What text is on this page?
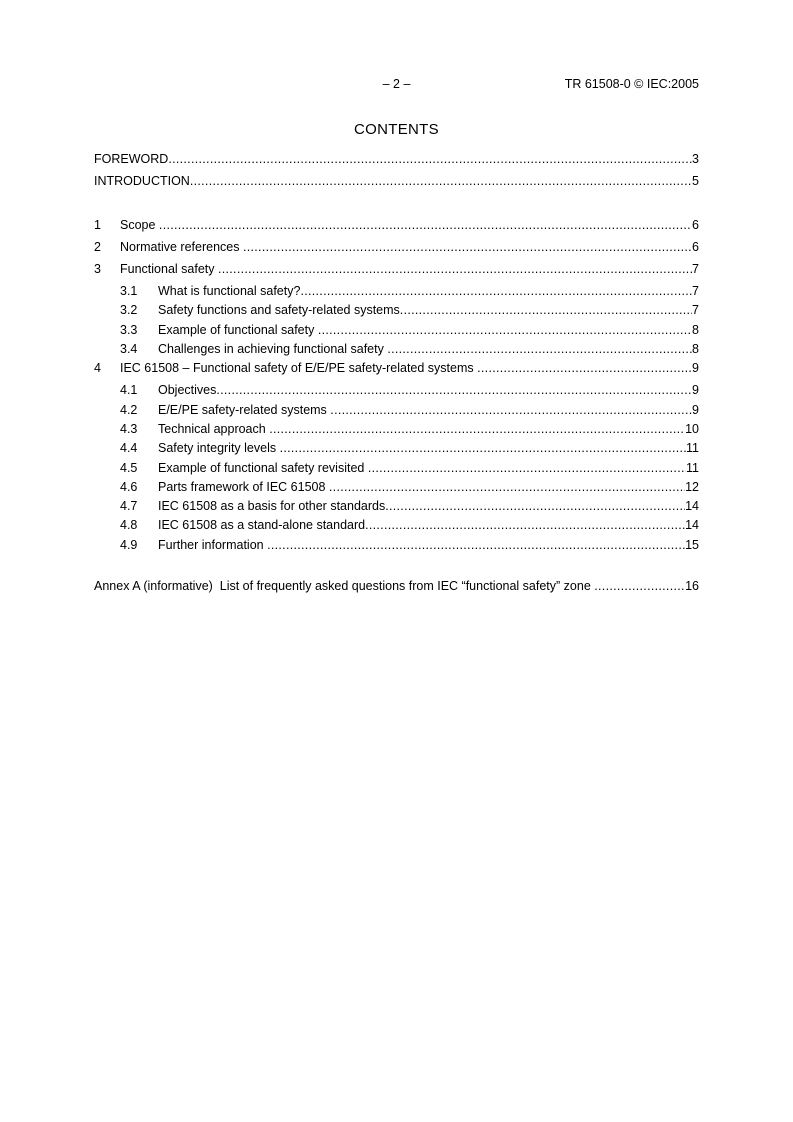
– 2 –	TR 61508-0 © IEC:2005
CONTENTS
FOREWORD .....	3
INTRODUCTION .....	5
1	Scope .....	6
2	Normative references .....	6
3	Functional safety .....	7
3.1	What is functional safety? .....	7
3.2	Safety functions and safety-related systems .....	7
3.3	Example of functional safety .....	8
3.4	Challenges in achieving functional safety .....	8
4	IEC 61508 – Functional safety of E/E/PE safety-related systems .....	9
4.1	Objectives .....	9
4.2	E/E/PE safety-related systems .....	9
4.3	Technical approach .....	10
4.4	Safety integrity levels .....	11
4.5	Example of functional safety revisited .....	11
4.6	Parts framework of IEC 61508 .....	12
4.7	IEC 61508 as a basis for other standards .....	14
4.8	IEC 61508 as a stand-alone standard .....	14
4.9	Further information .....	15
Annex A (informative)  List of frequently asked questions from IEC “functional safety” zone .....	16
